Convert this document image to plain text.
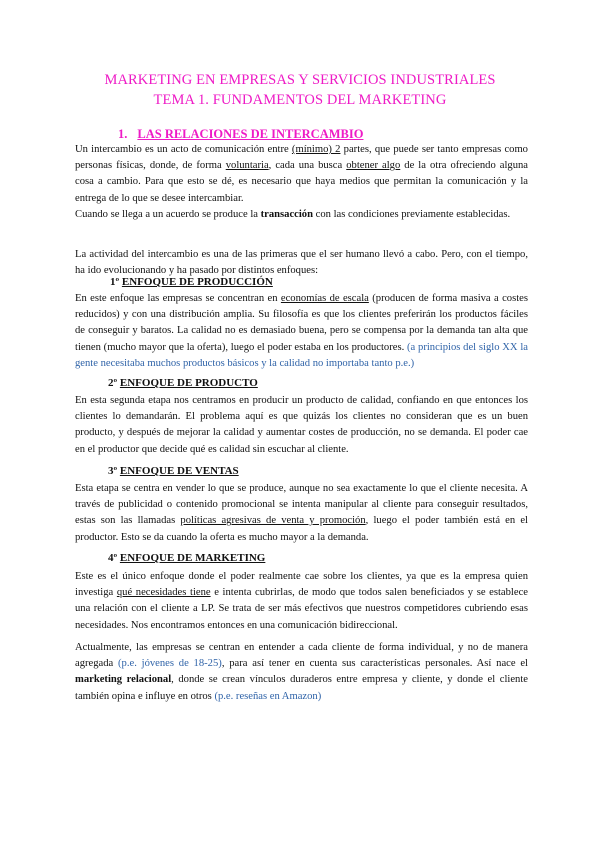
MARKETING EN EMPRESAS Y SERVICIOS INDUSTRIALES
TEMA 1. FUNDAMENTOS DEL MARKETING
1. LAS RELACIONES DE INTERCAMBIO

Un intercambio es un acto de comunicación entre (mínimo) 2 partes, que puede ser tanto empresas como personas físicas, donde, de forma voluntaria, cada una busca obtener algo de la otra ofreciendo alguna cosa a cambio. Para que esto se dé, es necesario que haya medios que permitan la comunicación y la entrega de lo que se desee intercambiar.

Cuando se llega a un acuerdo se produce la transacción con las condiciones previamente establecidas.

La actividad del intercambio es una de las primeras que el ser humano llevó a cabo. Pero, con el tiempo, ha ido evolucionando y ha pasado por distintos enfoques:

1º ENFOQUE DE PRODUCCIÓN

En este enfoque las empresas se concentran en economías de escala (producen de forma masiva a costes reducidos) y con una distribución amplia. Su filosofía es que los clientes preferirán los productos fáciles de conseguir y baratos. La calidad no es demasiado buena, pero se compensa por la demanda tan alta que tienen (mucho mayor que la oferta), luego el poder estaba en los productores. (a principios del siglo XX la gente necesitaba muchos productos básicos y la calidad no importaba tanto p.e.)

2º ENFOQUE DE PRODUCTO

En esta segunda etapa nos centramos en producir un producto de calidad, confiando en que entonces los clientes lo demandarán. El problema aquí es que quizás los clientes no consideran que es un buen producto, y después de mejorar la calidad y aumentar costes de producción, no se demanda. El poder cae en el productor que decide qué es calidad sin escuchar al cliente.

3º ENFOQUE DE VENTAS

Esta etapa se centra en vender lo que se produce, aunque no sea exactamente lo que el cliente necesita. A través de publicidad o contenido promocional se intenta manipular al cliente para conseguir resultados, estas son las llamadas políticas agresivas de venta y promoción, luego el poder también está en el productor. Esto se da cuando la oferta es mucho mayor a la demanda.

4º ENFOQUE DE MARKETING

Este es el único enfoque donde el poder realmente cae sobre los clientes, ya que es la empresa quien investiga qué necesidades tiene e intenta cubrirlas, de modo que todos salen beneficiados y se establece una relación con el cliente a LP. Se trata de ser más efectivos que nuestros competidores cubriendo esas necesidades. Nos encontramos entonces en una comunicación bidireccional.

Actualmente, las empresas se centran en entender a cada cliente de forma individual, y no de manera agregada (p.e. jóvenes de 18-25), para así tener en cuenta sus características personales. Así nace el marketing relacional, donde se crean vínculos duraderos entre empresa y cliente, y donde el cliente también opina e influye en otros (p.e. reseñas en Amazon)
